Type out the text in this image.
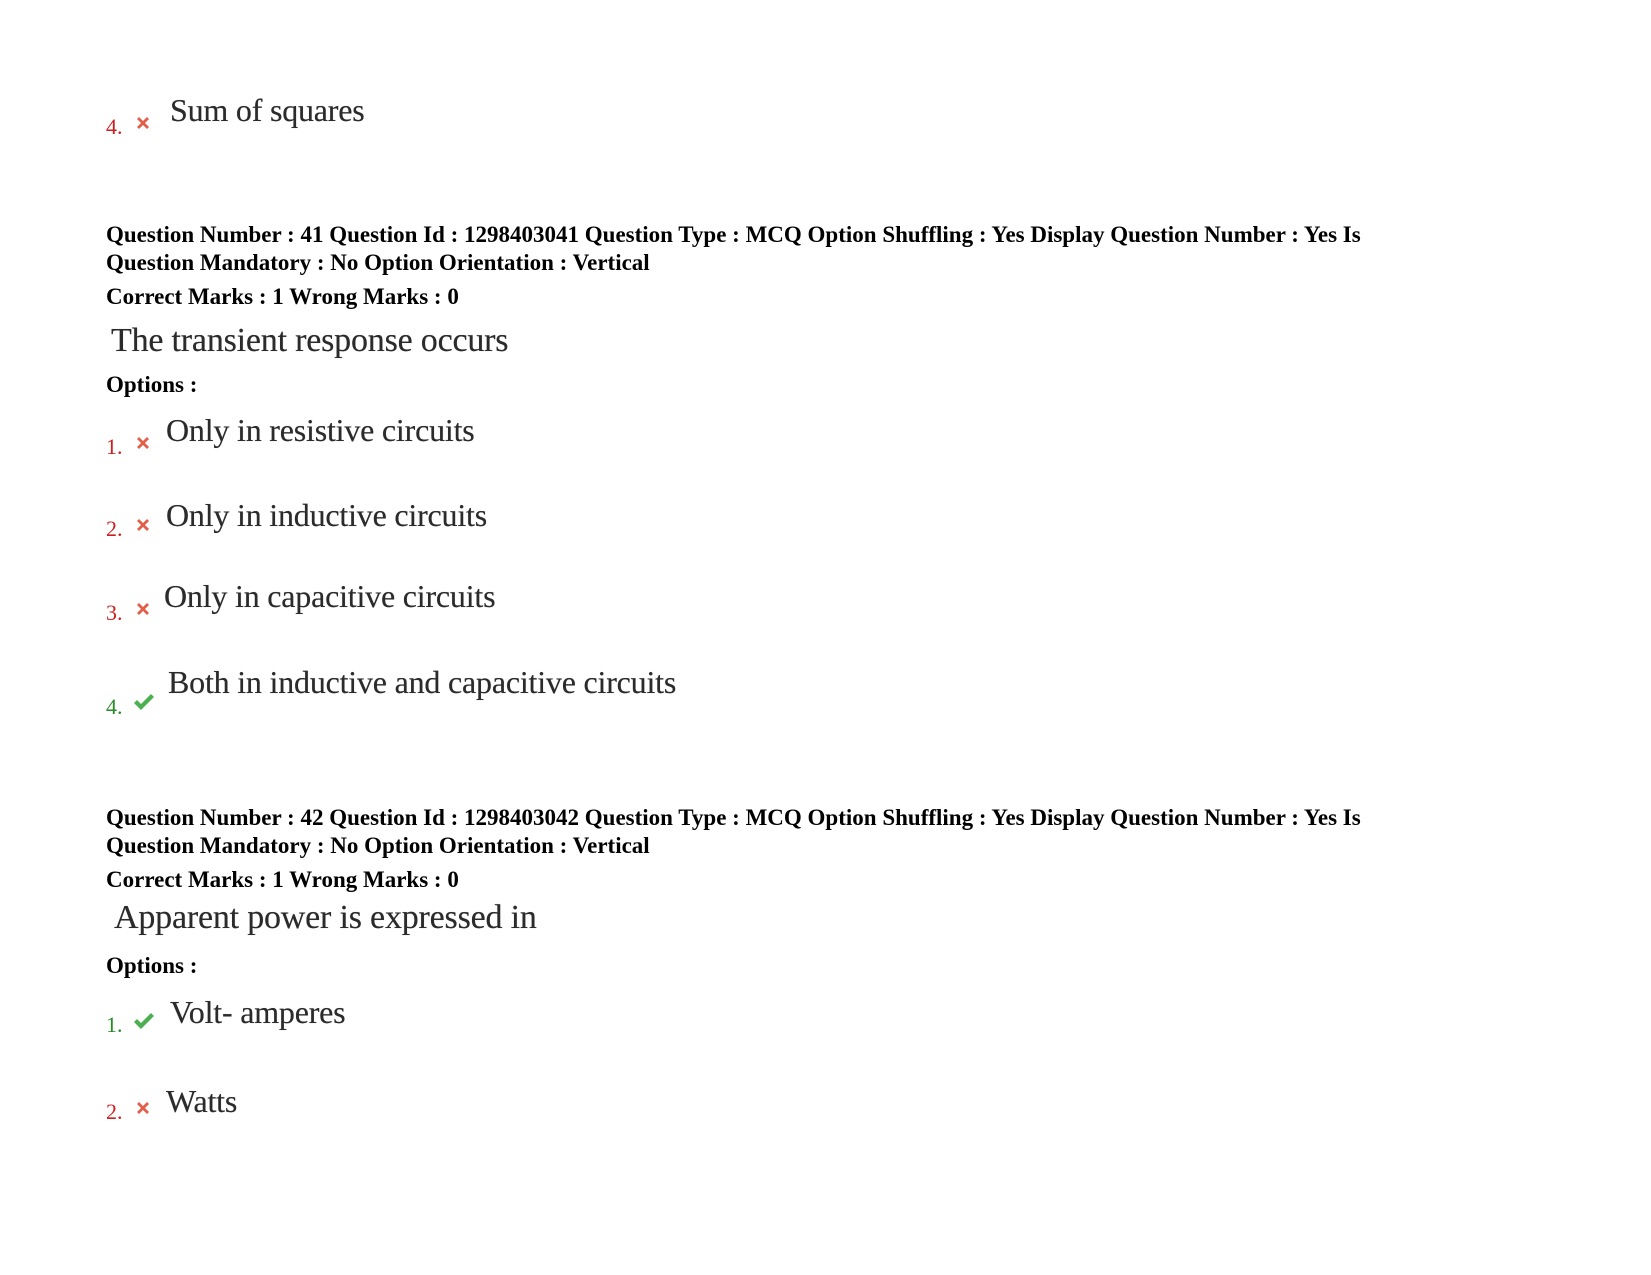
4. Sum of squares
Question Number : 41 Question Id : 1298403041 Question Type : MCQ Option Shuffling : Yes Display Question Number : Yes Is
Question Mandatory : No Option Orientation : Vertical
Correct Marks : 1 Wrong Marks : 0
The transient response occurs
Options :
1. Only in resistive circuits
2. Only in inductive circuits
3. Only in capacitive circuits
4.
Both in inductive and capacitive circuits
Question Number : 42 Question Id : 1298403042 Question Type : MCQ Option Shuffling : Yes Display Question Number : Yes Is
Question Mandatory : No Option Orientation : Vertical
Correct Marks : 1 Wrong Marks : 0
Apparent power is expressed in
Options :
1. Volt- amperes
2. Watts
